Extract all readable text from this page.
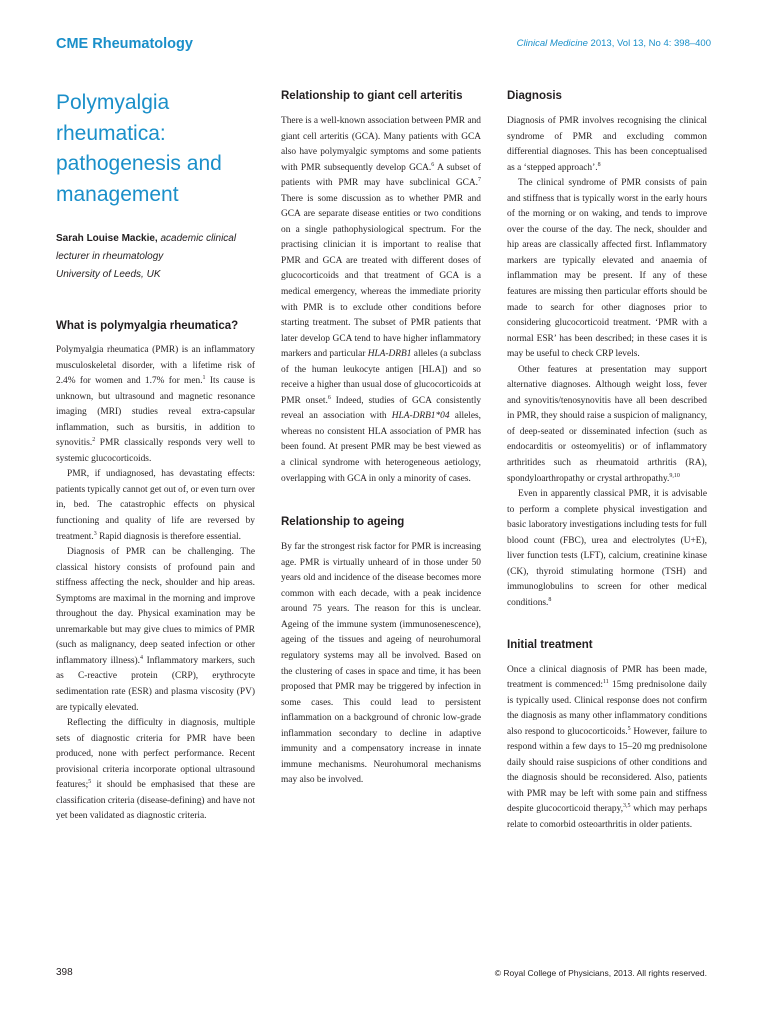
CME Rheumatology	Clinical Medicine 2013, Vol 13, No 4: 398–400
Polymyalgia
rheumatica:
pathogenesis and
management
Sarah Louise Mackie, academic clinical
lecturer in rheumatology
University of Leeds, UK
What is polymyalgia rheumatica?

Polymyalgia rheumatica (PMR) is an inflammatory musculoskeletal disorder, with a lifetime risk of 2.4% for women and 1.7% for men.$^1$ Its cause is unknown, but ultrasound and magnetic resonance imaging (MRI) studies reveal extra-capsular inflammation, such as bursitis, in addition to synovitis.$^2$ PMR classically responds very well to systemic glucocorticoids.

PMR, if undiagnosed, has devastating effects: patients typically cannot get out of, or even turn over in, bed. The catastrophic effects on physical functioning and quality of life are reversed by treatment.$^3$ Rapid diagnosis is therefore essential.

Diagnosis of PMR can be challenging. The classical history consists of profound pain and stiffness affecting the neck, shoulder and hip areas. Symptoms are maximal in the morning and improve throughout the day. Physical examination may be unremarkable but may give clues to mimics of PMR (such as malignancy, deep seated infection or other inflammatory illness).$^4$ Inflammatory markers, such as C-reactive protein (CRP), erythrocyte sedimentation rate (ESR) and plasma viscosity (PV) are typically elevated.

Reflecting the difficulty in diagnosis, multiple sets of diagnostic criteria for PMR have been produced, none with perfect performance. Recent provisional criteria incorporate optional ultrasound features;$^5$ it should be emphasised that these are classification criteria (disease-defining) and have not yet been validated as diagnostic criteria.

Relationship to giant cell arteritis

There is a well-known association between PMR and giant cell arteritis (GCA). Many patients with GCA also have polymyalgic symptoms and some patients with PMR subsequently develop GCA.$^6$ A subset of patients with PMR may have subclinical GCA.$^7$ There is some discussion as to whether PMR and GCA are separate disease entities or two conditions on a single pathophysiological spectrum. For the practising clinician it is important to realise that PMR and GCA are treated with different doses of glucocorticoids and that treatment of GCA is a medical emergency, whereas the immediate priority with PMR is to exclude other conditions before starting treatment. The subset of PMR patients that later develop GCA tend to have higher inflammatory markers and particular HLA-DRB1 alleles (a subclass of the human leukocyte antigen [HLA]) and so receive a higher than usual dose of glucocorticoids at PMR onset.$^6$ Indeed, studies of GCA consistently reveal an association with HLA-DRB1*04 alleles, whereas no consistent HLA association of PMR has been found. At present PMR may be best viewed as a clinical syndrome with heterogeneous aetiology, overlapping with GCA in only a minority of cases.

Relationship to ageing

By far the strongest risk factor for PMR is increasing age. PMR is virtually unheard of in those under 50 years old and incidence of the disease becomes more common with each decade, with a peak incidence around 75 years. The reason for this is unclear. Ageing of the immune system (immunosenescence), ageing of the tissues and ageing of neurohumoral regulatory systems may all be involved. Based on the clustering of cases in space and time, it has been proposed that PMR may be triggered by infection in some cases. This could lead to persistent inflammation on a background of chronic low-grade inflammation secondary to decline in adaptive immunity and a compensatory increase in innate immune mechanisms. Neurohumoral mechanisms may also be involved.

Diagnosis

Diagnosis of PMR involves recognising the clinical syndrome of PMR and excluding common differential diagnoses. This has been conceptualised as a ‘stepped approach’.$^8$

The clinical syndrome of PMR consists of pain and stiffness that is typically worst in the early hours of the morning or on waking, and tends to improve over the course of the day. The neck, shoulder and hip areas are classically affected first. Inflammatory markers are typically elevated and anaemia of inflammation may be present. If any of these features are missing then particular efforts should be made to search for other diagnoses prior to considering glucocorticoid treatment. ‘PMR with a normal ESR’ has been described; in these cases it is may be useful to check CRP levels.

Other features at presentation may support alternative diagnoses. Although weight loss, fever and synovitis/tenosynovitis have all been described in PMR, they should raise a suspicion of malignancy, of deep-seated or disseminated infection (such as endocarditis or osteomyelitis) or of inflammatory arthritides such as rheumatoid arthritis (RA), spondyloarthropathy or crystal arthropathy.$^{9,10}$

Even in apparently classical PMR, it is advisable to perform a complete physical investigation and basic laboratory investigations including tests for full blood count (FBC), urea and electrolytes (U+E), liver function tests (LFT), calcium, creatinine kinase (CK), thyroid stimulating hormone (TSH) and immunoglobulins to screen for other medical conditions.$^8$

Initial treatment

Once a clinical diagnosis of PMR has been made, treatment is commenced:$^{11}$ 15mg prednisolone daily is typically used. Clinical response does not confirm the diagnosis as many other inflammatory conditions also respond to glucocorticoids.$^5$ However, failure to respond within a few days to 15–20 mg prednisolone daily should raise suspicions of other conditions and the diagnosis should be reconsidered. Also, patients with PMR may be left with some pain and stiffness despite glucocorticoid therapy,$^{3,5}$ which may perhaps relate to comorbid osteoarthritis in older patients.

398	© Royal College of Physicians, 2013. All rights reserved.
